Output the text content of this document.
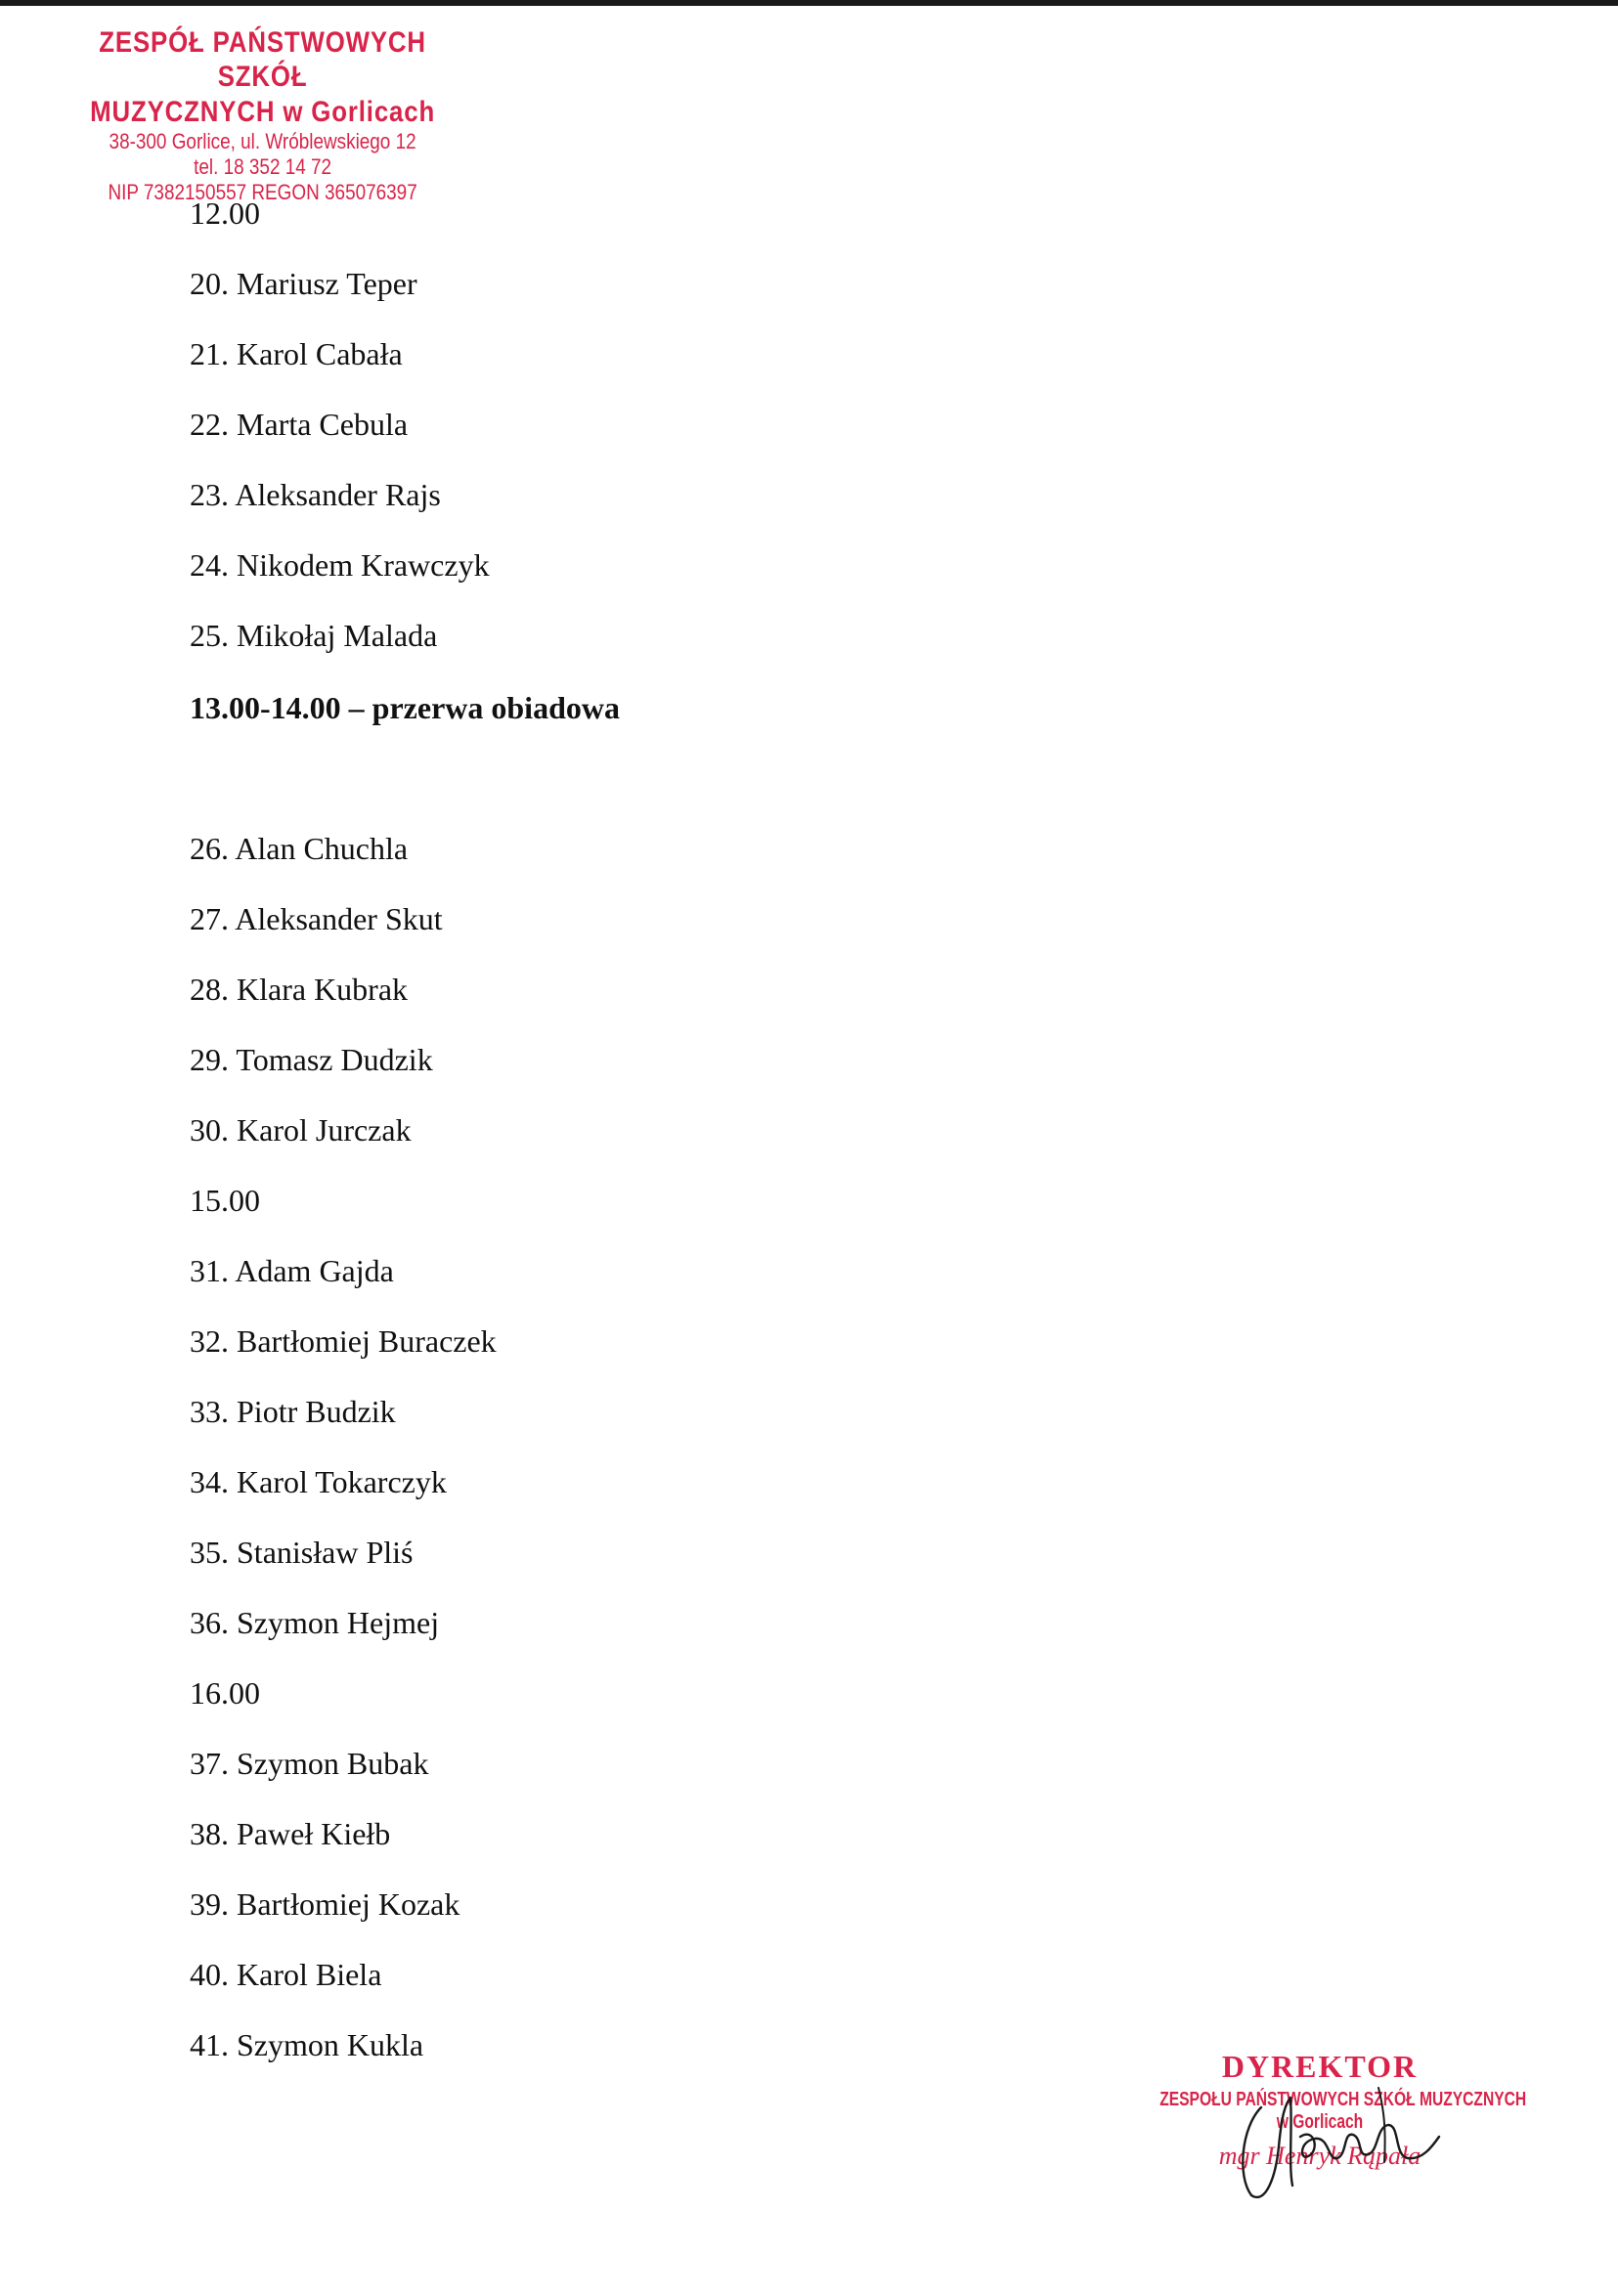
ZESPÓŁ PAŃSTWOWYCH SZKÓŁ
MUZYCZNYCH w Gorlicach
38-300 Gorlice, ul. Wróblewskiego 12
tel. 18 352 14 72
NIP 7382150557 REGON 365076397
12.00
20. Mariusz Teper
21. Karol Cabała
22. Marta Cebula
23. Aleksander Rajs
24. Nikodem Krawczyk
25. Mikołaj Malada
13.00-14.00 – przerwa obiadowa
26. Alan Chuchla
27. Aleksander Skut
28. Klara Kubrak
29. Tomasz Dudzik
30. Karol Jurczak
15.00
31. Adam Gajda
32. Bartłomiej Buraczek
33. Piotr Budzik
34. Karol Tokarczyk
35. Stanisław Pliś
36. Szymon Hejmej
16.00
37. Szymon Bubak
38. Paweł Kiełb
39. Bartłomiej Kozak
40. Karol Biela
41. Szymon Kukla
DYREKTOR
ZESPOŁU PAŃSTWOWYCH SZKÓŁ MUZYCZNYCH
w Gorlicach
mgr Henryk Rąpała
